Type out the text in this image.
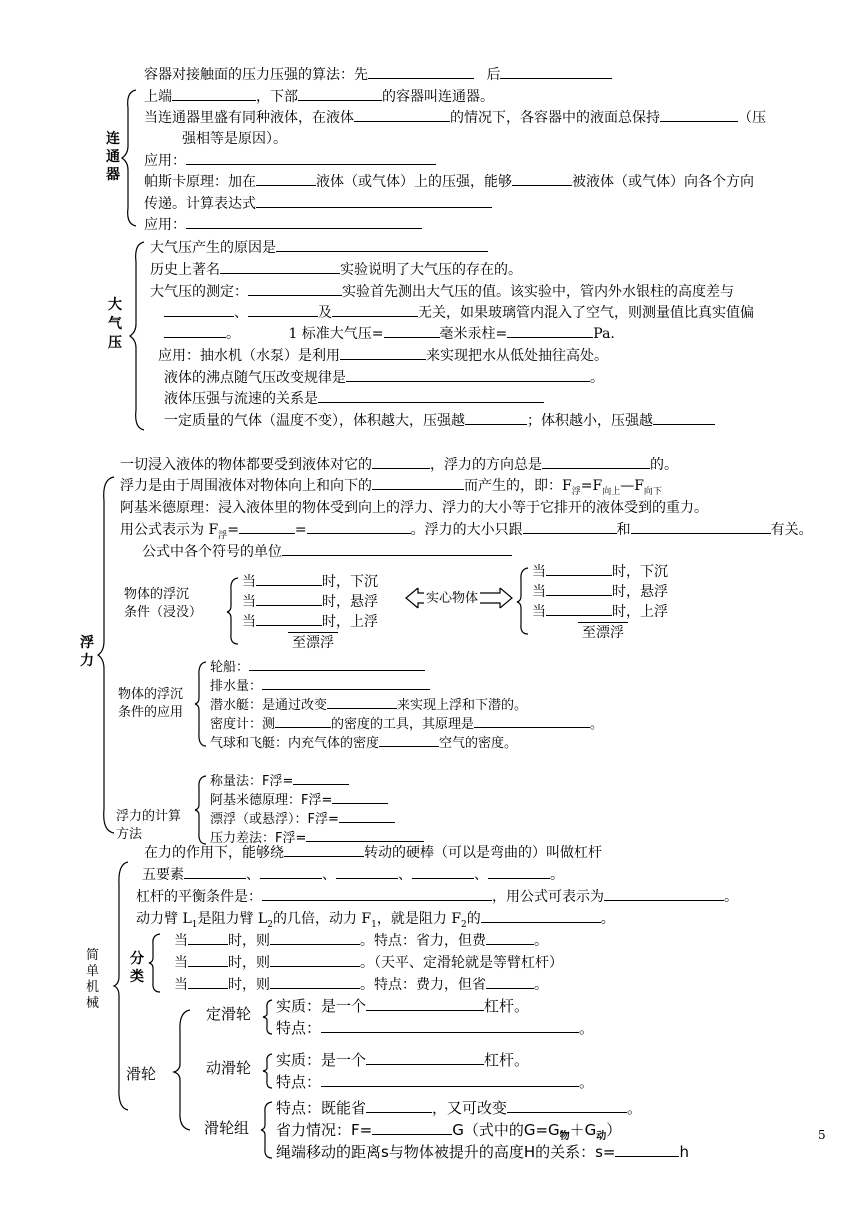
容器对接触面的压力压强的算法：先	后
连通器
上端	，下部	的容器叫连通器。
当连通器里盛有同种液体，在液体	的情况下，各容器中的液面总保持	（压
强相等是原因）。
应用：
帕斯卡原理：加在	液体（或气体）上的压强，能够	被液体（或气体）向各个方向
传递。计算表达式
应用：
大
气
压
大气压产生的原因是
历史上著名	实验说明了大气压的存在的。
大气压的测定：	实验首先测出大气压的值。该实验中，管内外水银柱的高度差与
、	及	无关，如果玻璃管内混入了空气，则测量值比真实值偏
。	1 标准大气压=	毫米汞柱=	Pa.
应用：抽水机（水泵）是利用	来实现把水从低处抽往高处。
液体的沸点随气压改变规律是	。
液体压强与流速的关系是
一定质量的气体（温度不变），体积越大，压强越	；体积越小，压强越
浮力
一切浸入液体的物体都要受到液体对它的	，浮力的方向总是	的。
浮力是由于周围液体对物体向上和向下的	而产生的，即：$F_浮=F_{向上}—F_{向下}$
阿基米德原理：浸入液体里的物体受到向上的浮力、浮力的大小等于它排开的液体受到的重力。
用公式表示为 $F_浮=$	=	。浮力的大小只跟	和	有关。
公式中各个符号的单位
物体的浮沉
条件（浸没）
当	时，下沉
当	时，悬浮
当	时，上浮
至漂浮
实心物体
当	时，下沉
当	时，悬浮
当	时，上浮
至漂浮
物体的浮沉
条件的应用
轮船：
排水量：
潜水艇：是通过改变	来实现上浮和下潜的。
密度计：测	的密度的工具，其原理是	。
气球和飞艇：内充气体的密度	空气的密度。
浮力的计算
方法
称量法：F浮=
阿基米德原理：F浮=
漂浮（或悬浮）：F浮=
压力差法：F浮=
简单机械
在力的作用下，能够绕	转动的硬棒（可以是弯曲的）叫做杠杆
五要素	、	、	、	、	。
杠杆的平衡条件是：	，用公式可表示为	。
动力臂 $L_1$是阻力臂 $L_2$的几倍，动力 $F_1$，就是阻力 $F_2$的	。
分
类
当	时，则	。特点：省力，但费	。
当	时，则	。（天平、定滑轮就是等臂杠杆）
当	时，则	。特点：费力，但省	。
滑轮
定滑轮 实质：是一个	杠杆。
特点：	。
动滑轮 实质：是一个	杠杆。
特点：	。
滑轮组
特点：既能省	，又可改变	。
省力情况：F=	G（式中的$G=G_物+G_动$）
绳端移动的距离s与物体被提升的高度H的关系：s=	h
5
